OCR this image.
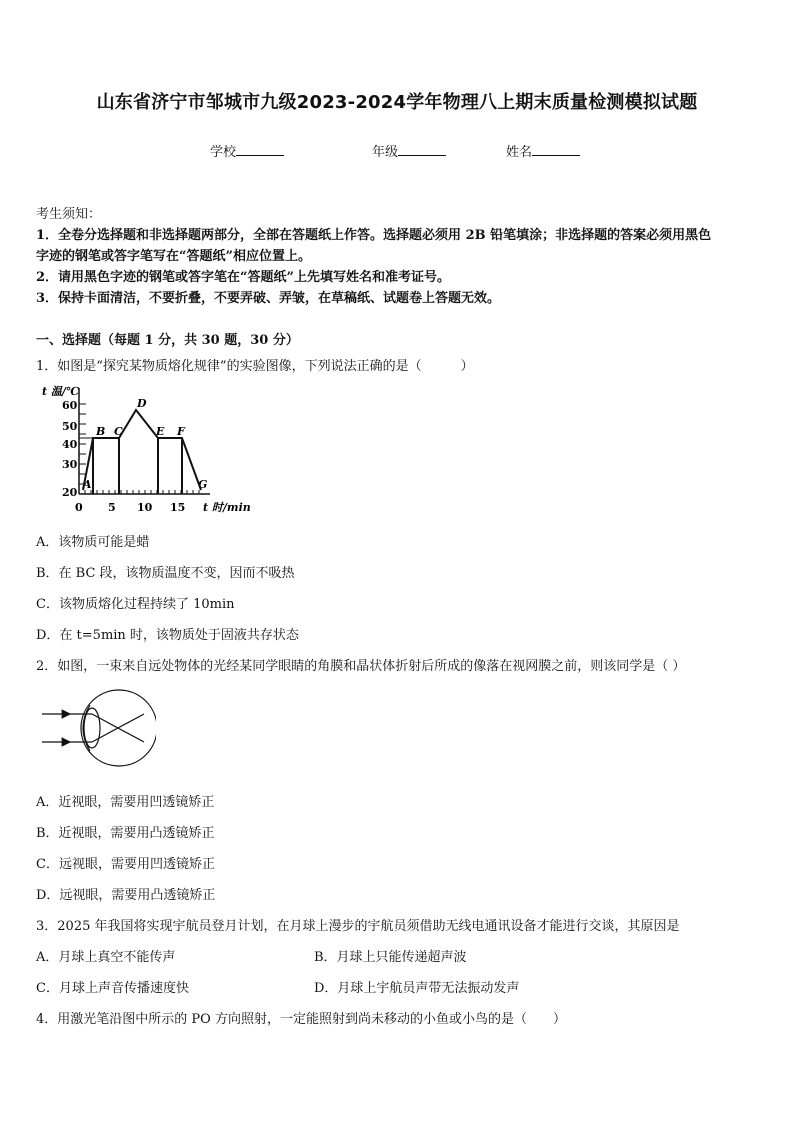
山东省济宁市邹城市九级2023-2024学年物理八上期末质量检测模拟试题
学校	年级	姓名
考生须知：
1．全卷分选择题和非选择题两部分，全部在答题纸上作答。选择题必须用 2B 铅笔填涂；非选择题的答案必须用黑色
字迹的钢笔或答字笔写在“答题纸”相应位置上。
2．请用黑色字迹的钢笔或答字笔在“答题纸”上先填写姓名和准考证号。
3．保持卡面清洁，不要折叠，不要弄破、弄皱，在草稿纸、试题卷上答题无效。
一、选择题（每题 1 分，共 30 题，30 分）
1．如图是“探究某物质熔化规律”的实验图像，下列说法正确的是（　　　）
t 温/℃
60
50
40
30
20
0 5 10 15 t 时/min
A
B C
D
E F
G
A．该物质可能是蜡
B．在 BC 段，该物质温度不变，因而不吸热
C．该物质熔化过程持续了 10min
D．在 t=5min 时，该物质处于固液共存状态
2．如图，一束来自远处物体的光经某同学眼睛的角膜和晶状体折射后所成的像落在视网膜之前，则该同学是（ ）
A．近视眼，需要用凹透镜矫正
B．近视眼，需要用凸透镜矫正
C．远视眼，需要用凹透镜矫正
D．远视眼，需要用凸透镜矫正
3．2025 年我国将实现宇航员登月计划，在月球上漫步的宇航员须借助无线电通讯设备才能进行交谈，其原因是
A．月球上真空不能传声	B．月球上只能传递超声波
C．月球上声音传播速度快	D．月球上宇航员声带无法振动发声
4．用激光笔沿图中所示的 PO 方向照射，一定能照射到尚未移动的小鱼或小鸟的是（　　）
